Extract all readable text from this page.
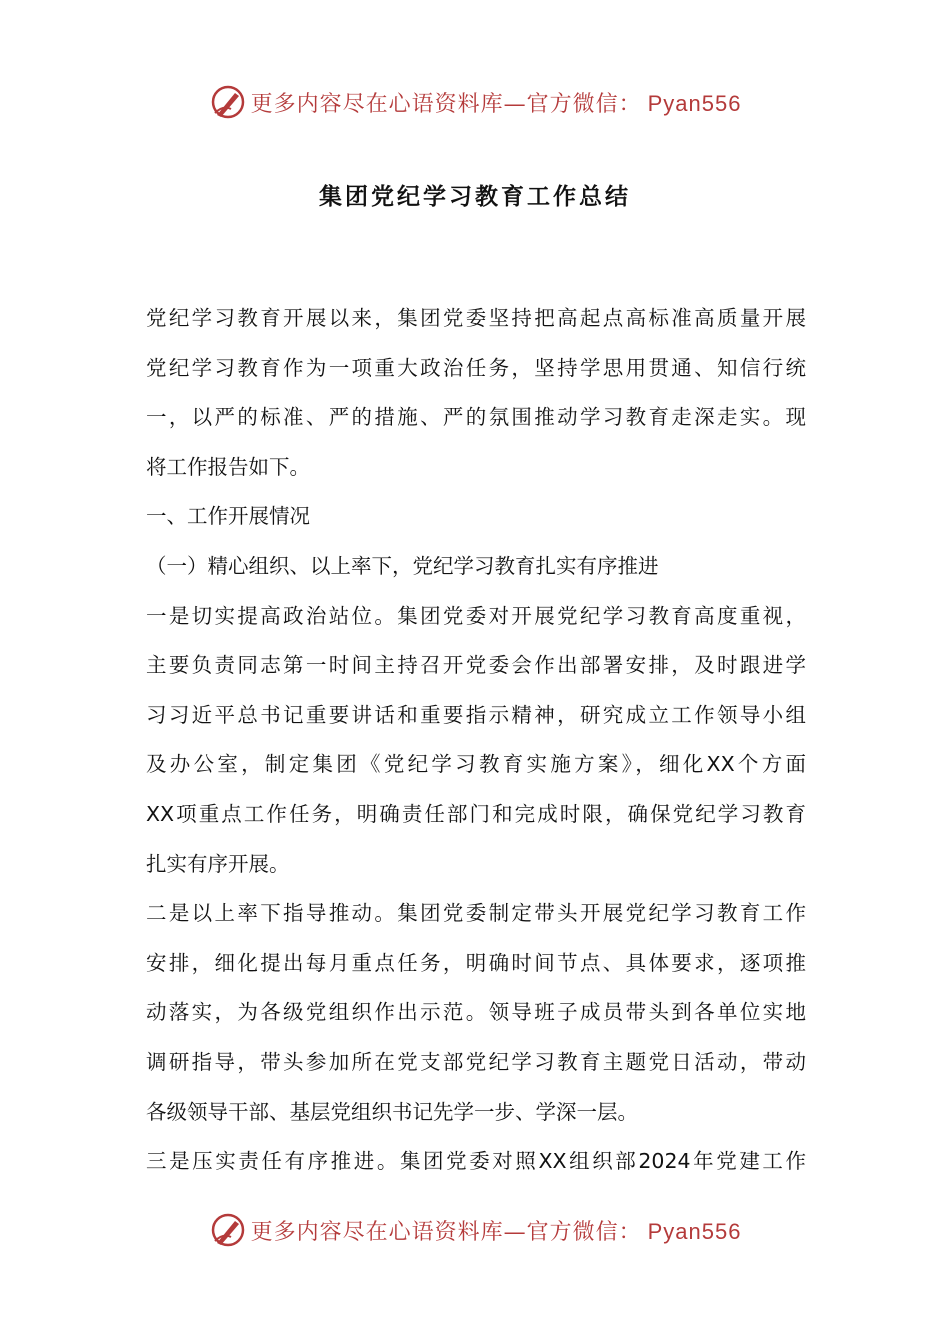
更多内容尽在心语资料库—官方微信： Pyan556
集团党纪学习教育工作总结
党纪学习教育开展以来，集团党委坚持把高起点高标准高质量开展
党纪学习教育作为一项重大政治任务，坚持学思用贯通、知信行统
一，以严的标准、严的措施、严的氛围推动学习教育走深走实。现
将工作报告如下。
一、工作开展情况
（一）精心组织、以上率下，党纪学习教育扎实有序推进
一是切实提高政治站位。集团党委对开展党纪学习教育高度重视，
主要负责同志第一时间主持召开党委会作出部署安排，及时跟进学
习习近平总书记重要讲话和重要指示精神，研究成立工作领导小组
及办公室，制定集团《党纪学习教育实施方案》，细化XX个方面
XX项重点工作任务，明确责任部门和完成时限，确保党纪学习教育
扎实有序开展。
二是以上率下指导推动。集团党委制定带头开展党纪学习教育工作
安排，细化提出每月重点任务，明确时间节点、具体要求，逐项推
动落实，为各级党组织作出示范。领导班子成员带头到各单位实地
调研指导，带头参加所在党支部党纪学习教育主题党日活动，带动
各级领导干部、基层党组织书记先学一步、学深一层。
三是压实责任有序推进。集团党委对照XX组织部2024年党建工作
更多内容尽在心语资料库—官方微信： Pyan556
